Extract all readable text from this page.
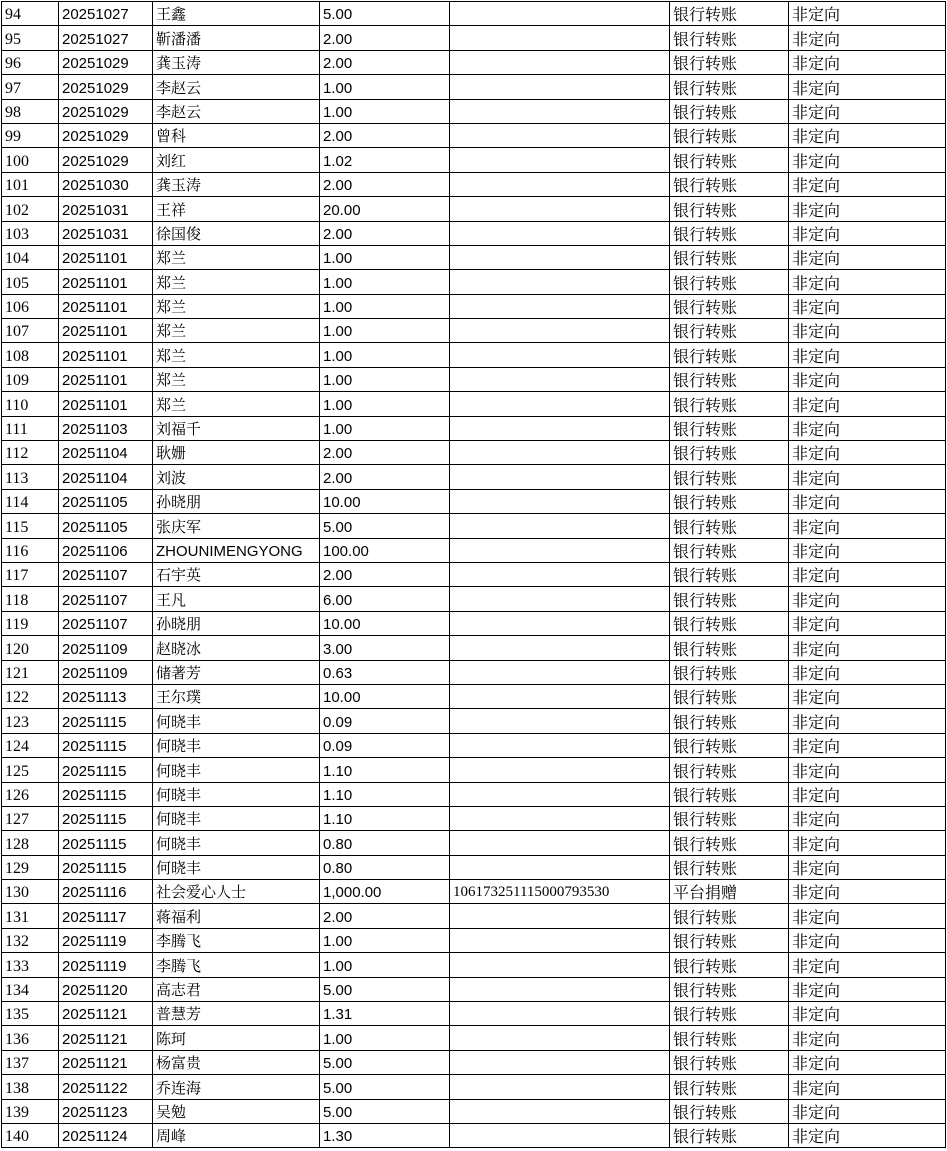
94	20251027	王鑫	5.00		银行转账	非定向
95	20251027	靳潘潘	2.00		银行转账	非定向
96	20251029	龚玉涛	2.00		银行转账	非定向
97	20251029	李赵云	1.00		银行转账	非定向
98	20251029	李赵云	1.00		银行转账	非定向
99	20251029	曾科	2.00		银行转账	非定向
100	20251029	刘红	1.02		银行转账	非定向
101	20251030	龚玉涛	2.00		银行转账	非定向
102	20251031	王祥	20.00		银行转账	非定向
103	20251031	徐国俊	2.00		银行转账	非定向
104	20251101	郑兰	1.00		银行转账	非定向
105	20251101	郑兰	1.00		银行转账	非定向
106	20251101	郑兰	1.00		银行转账	非定向
107	20251101	郑兰	1.00		银行转账	非定向
108	20251101	郑兰	1.00		银行转账	非定向
109	20251101	郑兰	1.00		银行转账	非定向
110	20251101	郑兰	1.00		银行转账	非定向
111	20251103	刘福千	1.00		银行转账	非定向
112	20251104	耿姗	2.00		银行转账	非定向
113	20251104	刘波	2.00		银行转账	非定向
114	20251105	孙晓朋	10.00		银行转账	非定向
115	20251105	张庆军	5.00		银行转账	非定向
116	20251106	ZHOUNIMENGYONG	100.00		银行转账	非定向
117	20251107	石宇英	2.00		银行转账	非定向
118	20251107	王凡	6.00		银行转账	非定向
119	20251107	孙晓朋	10.00		银行转账	非定向
120	20251109	赵晓冰	3.00		银行转账	非定向
121	20251109	储著芳	0.63		银行转账	非定向
122	20251113	王尔璞	10.00		银行转账	非定向
123	20251115	何晓丰	0.09		银行转账	非定向
124	20251115	何晓丰	0.09		银行转账	非定向
125	20251115	何晓丰	1.10		银行转账	非定向
126	20251115	何晓丰	1.10		银行转账	非定向
127	20251115	何晓丰	1.10		银行转账	非定向
128	20251115	何晓丰	0.80		银行转账	非定向
129	20251115	何晓丰	0.80		银行转账	非定向
130	20251116	社会爱心人士	1,000.00	106173251115000793530	平台捐赠	非定向
131	20251117	蒋福利	2.00		银行转账	非定向
132	20251119	李腾飞	1.00		银行转账	非定向
133	20251119	李腾飞	1.00		银行转账	非定向
134	20251120	高志君	5.00		银行转账	非定向
135	20251121	普慧芳	1.31		银行转账	非定向
136	20251121	陈珂	1.00		银行转账	非定向
137	20251121	杨富贵	5.00		银行转账	非定向
138	20251122	乔连海	5.00		银行转账	非定向
139	20251123	吴勉	5.00		银行转账	非定向
140	20251124	周峰	1.30		银行转账	非定向
